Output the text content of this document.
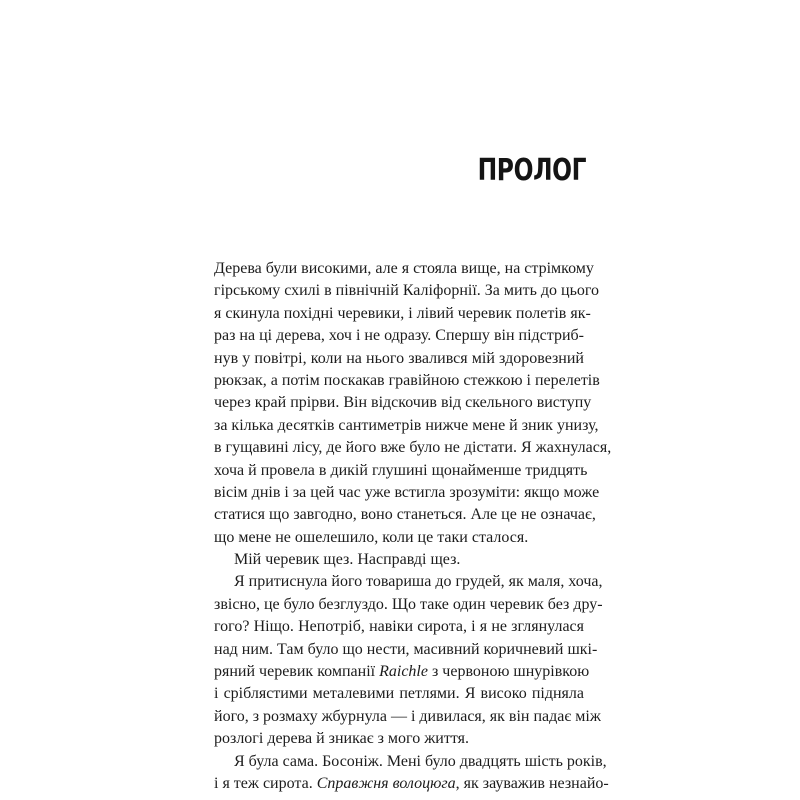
ПРОЛОГ
Дерева були високими, але я стояла вище, на стрімкому
гірському схилі в північній Каліфорнії. За мить до цього
я скинула похідні черевики, і лівий черевик полетів як-
раз на ці дерева, хоч і не одразу. Спершу він підстриб-
нув у повітрі, коли на нього звалився мій здоровезний
рюкзак, а потім поскакав гравійною стежкою і перелетів
через край прірви. Він відскочив від скельного виступу
за кілька десятків сантиметрів нижче мене й зник унизу,
в гущавині лісу, де його вже було не дістати. Я жахнулася,
хоча й провела в дикій глушині щонайменше тридцять
вісім днів і за цей час уже встигла зрозуміти: якщо може
статися що завгодно, воно станеться. Але це не означає,
що мене не ошелешило, коли це таки сталося.
Мій черевик щез. Насправді щез.
Я притиснула його товариша до грудей, як маля, хоча,
звісно, це було безглуздо. Що таке один черевик без дру-
гого? Ніщо. Непотріб, навіки сирота, і я не зглянулася
над ним. Там було що нести, масивний коричневий шкі-
ряний черевик компанії Raichle з червоною шнурівкою
і сріблястими металевими петлями. Я високо підняла
його, з розмаху жбурнула — і дивилася, як він падає між
розлогі дерева й зникає з мого життя.
Я була сама. Босоніж. Мені було двадцять шість років,
і я теж сирота. Справжня волоцюга, як зауважив незнайо-
